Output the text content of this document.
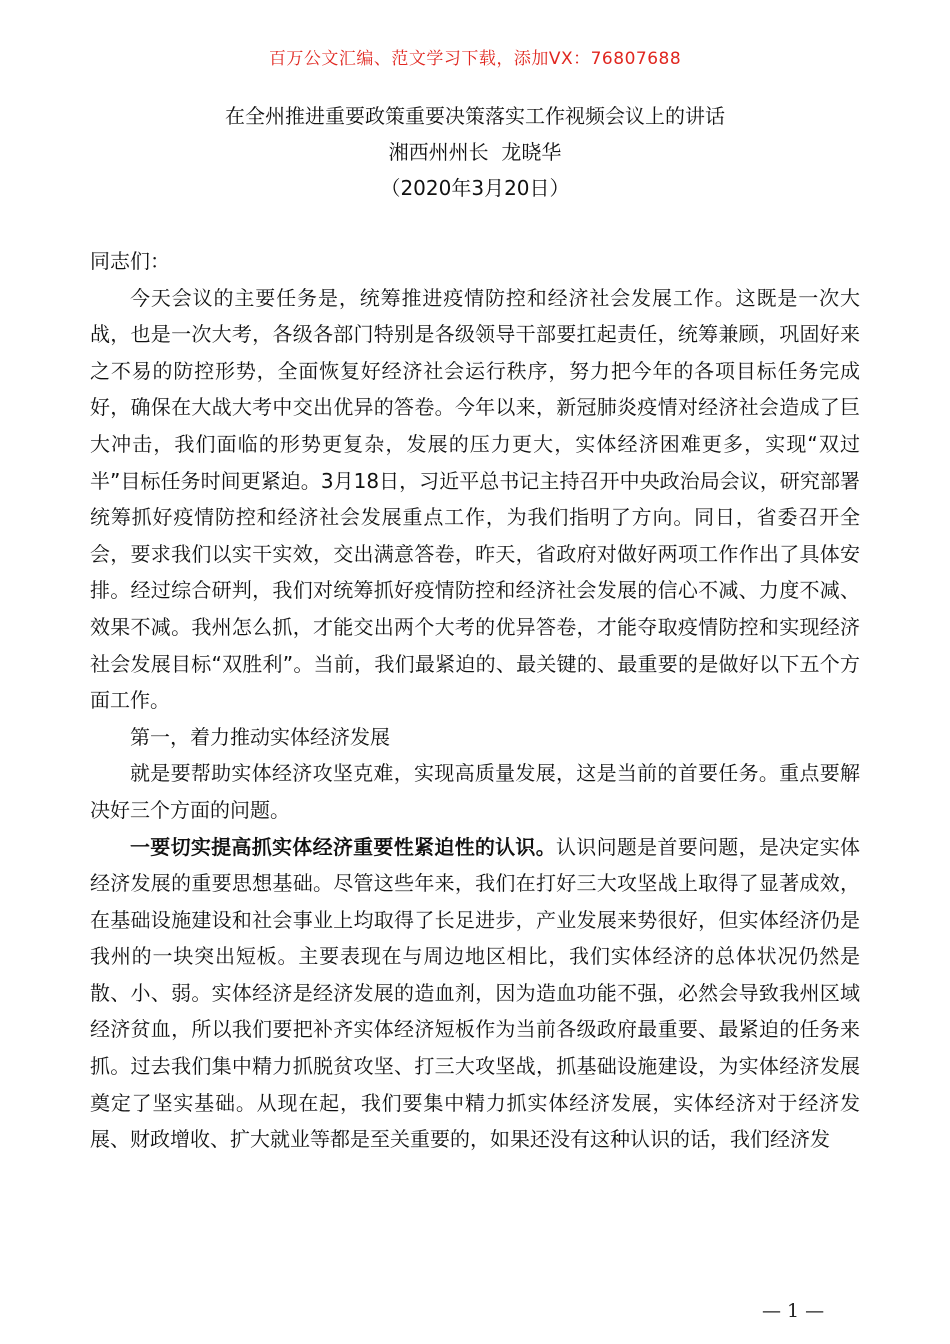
百万公文汇编、范文学习下载，添加VX：76807688
在全州推进重要政策重要决策落实工作视频会议上的讲话
湘西州州长  龙晓华
（2020年3月20日）

同志们：

今天会议的主要任务是，统筹推进疫情防控和经济社会发展工作。这既是一次大战，也是一次大考，各级各部门特别是各级领导干部要扛起责任，统筹兼顾，巩固好来之不易的防控形势，全面恢复好经济社会运行秩序，努力把今年的各项目标任务完成好，确保在大战大考中交出优异的答卷。今年以来，新冠肺炎疫情对经济社会造成了巨大冲击，我们面临的形势更复杂，发展的压力更大，实体经济困难更多，实现“双过半”目标任务时间更紧迫。3月18日，习近平总书记主持召开中央政治局会议，研究部署统筹抓好疫情防控和经济社会发展重点工作，为我们指明了方向。同日，省委召开全会，要求我们以实干实效，交出满意答卷，昨天，省政府对做好两项工作作出了具体安排。经过综合研判，我们对统筹抓好疫情防控和经济社会发展的信心不减、力度不减、效果不减。我州怎么抓，才能交出两个大考的优异答卷，才能夺取疫情防控和实现经济社会发展目标“双胜利”。当前，我们最紧迫的、最关键的、最重要的是做好以下五个方面工作。

第一，着力推动实体经济发展

就是要帮助实体经济攻坚克难，实现高质量发展，这是当前的首要任务。重点要解决好三个方面的问题。

一要切实提高抓实体经济重要性紧迫性的认识。认识问题是首要问题，是决定实体经济发展的重要思想基础。尽管这些年来，我们在打好三大攻坚战上取得了显著成效，在基础设施建设和社会事业上均取得了长足进步，产业发展来势很好，但实体经济仍是我州的一块突出短板。主要表现在与周边地区相比，我们实体经济的总体状况仍然是散、小、弱。实体经济是经济发展的造血剂，因为造血功能不强，必然会导致我州区域经济贫血，所以我们要把补齐实体经济短板作为当前各级政府最重要、最紧迫的任务来抓。过去我们集中精力抓脱贫攻坚、打三大攻坚战，抓基础设施建设，为实体经济发展奠定了坚实基础。从现在起，我们要集中精力抓实体经济发展，实体经济对于经济发展、财政增收、扩大就业等都是至关重要的，如果还没有这种认识的话，我们经济发

— 1 —
